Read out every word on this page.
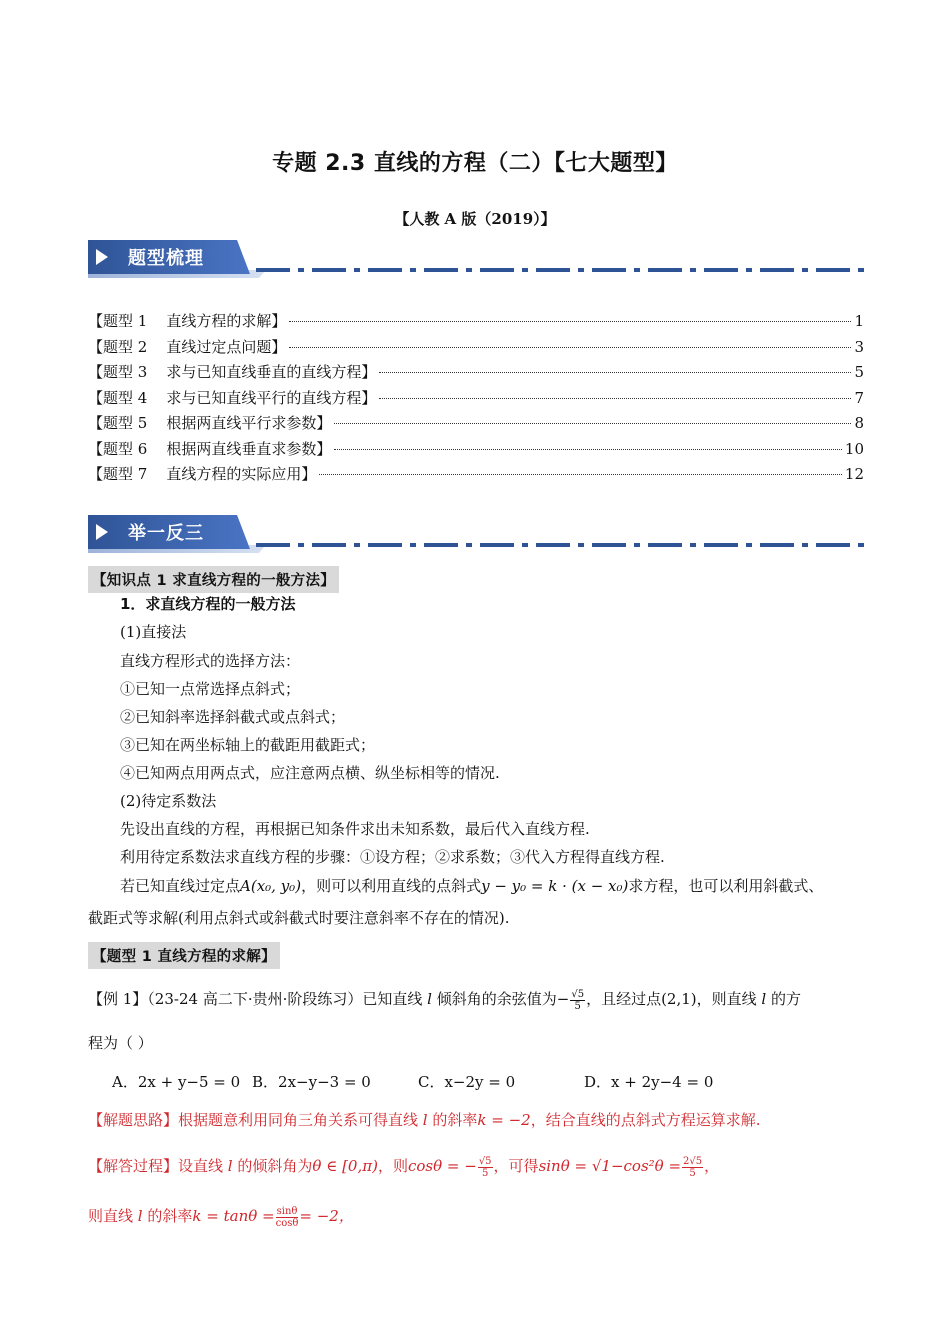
专题 2.3 直线的方程（二）【七大题型】
【人教 A 版（2019）】
题型梳理
【题型 1    直线方程的求解】	1
【题型 2    直线过定点问题】	3
【题型 3    求与已知直线垂直的直线方程】	5
【题型 4    求与已知直线平行的直线方程】	7
【题型 5    根据两直线平行求参数】	8
【题型 6    根据两直线垂直求参数】	10
【题型 7    直线方程的实际应用】	12
举一反三
【知识点 1 求直线方程的一般方法】
1．求直线方程的一般方法
(1)直接法
直线方程形式的选择方法：
①已知一点常选择点斜式；
②已知斜率选择斜截式或点斜式；
③已知在两坐标轴上的截距用截距式；
④已知两点用两点式，应注意两点横、纵坐标相等的情况.
(2)待定系数法
先设出直线的方程，再根据已知条件求出未知系数，最后代入直线方程.
利用待定系数法求直线方程的步骤：①设方程；②求系数；③代入方程得直线方程.
若已知直线过定点A(x₀, y₀)，则可以利用直线的点斜式y − y₀ = k · (x − x₀)求方程，也可以利用斜截式、
截距式等求解(利用点斜式或斜截式时要注意斜率不存在的情况).
【题型 1 直线方程的求解】
【例 1】（23-24 高二下·贵州·阶段练习）已知直线 l 倾斜角的余弦值为− $\frac{√5}{5}$ ，且经过点(2,1)，则直线 l 的方
程为（ ）
A．2x + y−5 = 0 B．2x−y−3 = 0	C．x−2y = 0	D．x + 2y−4 = 0
【解题思路】根据题意利用同角三角关系可得直线 l 的斜率k = −2，结合直线的点斜式方程运算求解.
【解答过程】设直线 l 的倾斜角为θ ∈ [0,π)，则cosθ = − $\frac{√5}{5}$ ，可得$\sin\theta = √1-\cos^2\theta = \frac{2√5}{5}$ ，
则直线 l 的斜率$k = \tan\theta = \frac{\sin\theta}{\cos\theta} = -2$，
